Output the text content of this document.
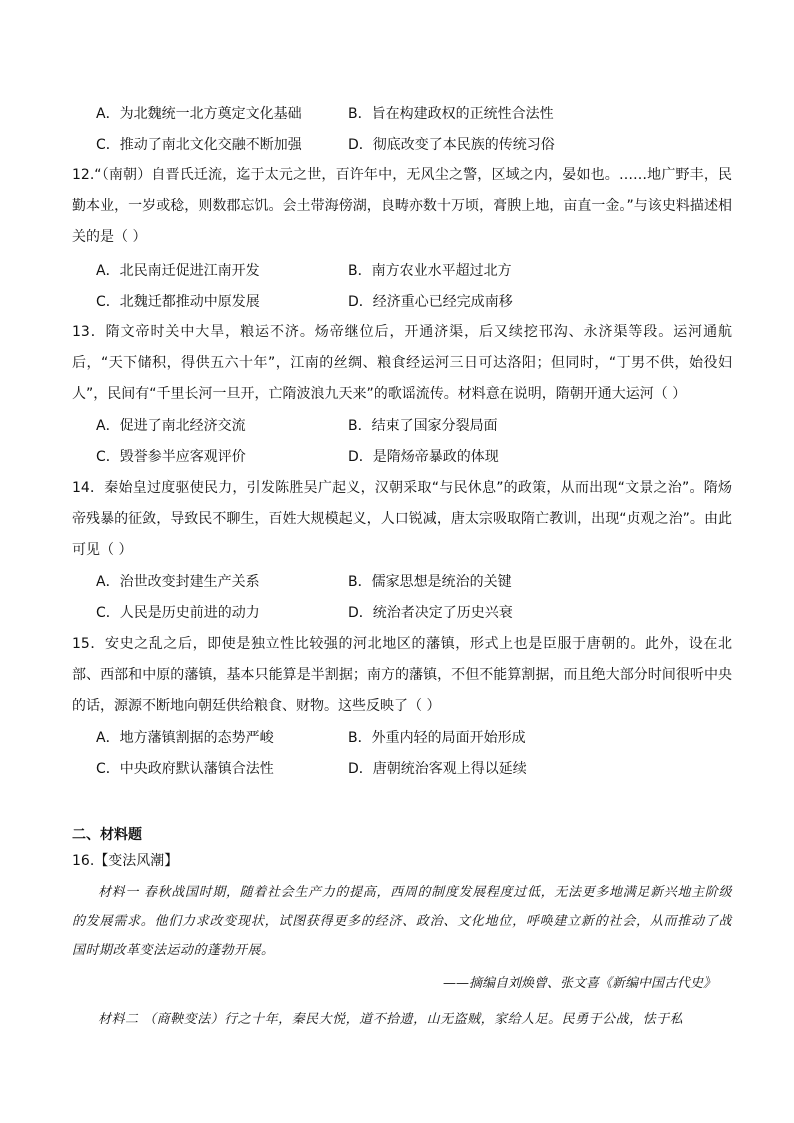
A．为北魏统一北方奠定文化基础	B．旨在构建政权的正统性合法性
C．推动了南北文化交融不断加强	D．彻底改变了本民族的传统习俗
12.“（南朝）自晋氏迁流，迄于太元之世，百许年中，无风尘之警，区域之内，晏如也。……地广野丰，民勤本业，一岁或稔，则数郡忘饥。会土带海傍湖，良畴亦数十万顷，膏腴上地，亩直一金。”与该史料描述相关的是（ ）
A．北民南迁促进江南开发	B．南方农业水平超过北方
C．北魏迁都推动中原发展	D．经济重心已经完成南移
13．隋文帝时关中大旱，粮运不济。炀帝继位后，开通济渠，后又续挖邗沟、永济渠等段。运河通航后，“天下储积，得供五六十年”，江南的丝绸、粮食经运河三日可达洛阳；但同时，“丁男不供，始役妇人”，民间有“千里长河一旦开，亡隋波浪九天来”的歌谣流传。材料意在说明，隋朝开通大运河（ ）
A．促进了南北经济交流	B．结束了国家分裂局面
C．毁誉参半应客观评价	D．是隋炀帝暴政的体现
14．秦始皇过度驱使民力，引发陈胜吴广起义，汉朝采取“与民休息”的政策，从而出现“文景之治”。隋炀帝残暴的征敛，导致民不聊生，百姓大规模起义，人口锐减，唐太宗吸取隋亡教训，出现“贞观之治”。由此可见（ ）
A．治世改变封建生产关系	B．儒家思想是统治的关键
C．人民是历史前进的动力	D．统治者决定了历史兴衰
15．安史之乱之后，即使是独立性比较强的河北地区的藩镇，形式上也是臣服于唐朝的。此外，设在北部、西部和中原的藩镇，基本只能算是半割据；南方的藩镇，不但不能算割据，而且绝大部分时间很听中央的话，源源不断地向朝廷供给粮食、财物。这些反映了（ ）
A．地方藩镇割据的态势严峻	B．外重内轻的局面开始形成
C．中央政府默认藩镇合法性	D．唐朝统治客观上得以延续
二、材料题
16.【变法风潮】
材料一 春秋战国时期，随着社会生产力的提高，西周的制度发展程度过低，无法更多地满足新兴地主阶级的发展需求。他们力求改变现状，试图获得更多的经济、政治、文化地位，呼唤建立新的社会，从而推动了战国时期改革变法运动的蓬勃开展。
——摘编自刘焕曾、张文喜《新编中国古代史》
材料二 （商鞅变法）行之十年，秦民大悦，道不拾遗，山无盗贼，家给人足。民勇于公战，怯于私
